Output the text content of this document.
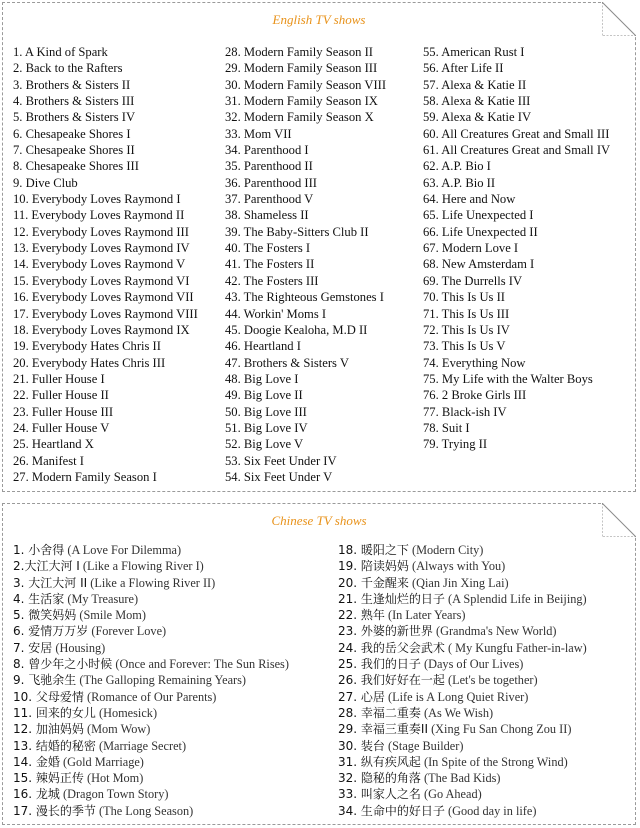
English TV shows
1. A Kind of Spark
2. Back to the Rafters
3. Brothers & Sisters II
4. Brothers & Sisters III
5. Brothers & Sisters IV
6. Chesapeake Shores I
7. Chesapeake Shores II
8. Chesapeake Shores III
9. Dive Club
10. Everybody Loves Raymond I
11. Everybody Loves Raymond II
12. Everybody Loves Raymond III
13. Everybody Loves Raymond IV
14. Everybody Loves Raymond V
15. Everybody Loves Raymond VI
16. Everybody Loves Raymond VII
17. Everybody Loves Raymond VIII
18. Everybody Loves Raymond IX
19. Everybody Hates Chris II
20. Everybody Hates Chris III
21. Fuller House I
22. Fuller House II
23. Fuller House III
24. Fuller House V
25. Heartland X
26. Manifest I
27. Modern Family Season I
28. Modern Family Season II
29. Modern Family Season III
30. Modern Family Season VIII
31. Modern Family Season IX
32. Modern Family Season X
33. Mom VII
34. Parenthood I
35. Parenthood II
36. Parenthood III
37. Parenthood V
38. Shameless II
39. The Baby-Sitters Club II
40. The Fosters I
41. The Fosters II
42. The Fosters III
43. The Righteous Gemstones I
44. Workin' Moms I
45. Doogie Kealoha, M.D II
46. Heartland I
47. Brothers & Sisters V
48. Big Love I
49. Big Love II
50. Big Love III
51. Big Love IV
52. Big Love V
53. Six Feet Under IV
54. Six Feet Under V
55. American Rust I
56. After Life II
57. Alexa & Katie II
58. Alexa & Katie III
59. Alexa & Katie IV
60. All Creatures Great and Small III
61. All Creatures Great and Small IV
62. A.P. Bio I
63. A.P. Bio II
64. Here and Now
65. Life Unexpected I
66. Life Unexpected II
67. Modern Love I
68. New Amsterdam I
69. The Durrells IV
70. This Is Us II
71. This Is Us III
72. This Is Us IV
73. This Is Us V
74. Everything Now
75. My Life with the Walter Boys
76. 2 Broke Girls III
77. Black-ish IV
78. Suit I
79. Trying II
Chinese TV shows
1. 小舍得 (A Love For Dilemma)
2.大江大河 I (Like a Flowing River I)
3. 大江大河 II (Like a Flowing River II)
4. 生活家 (My Treasure)
5. 微笑妈妈 (Smile Mom)
6. 爱情万万岁 (Forever Love)
7. 安居 (Housing)
8. 曾少年之小时候 (Once and Forever: The Sun Rises)
9. 飞驰余生 (The Galloping Remaining Years)
10. 父母爱情 (Romance of Our Parents)
11. 回来的女儿 (Homesick)
12. 加油妈妈 (Mom Wow)
13. 结婚的秘密 (Marriage Secret)
14. 金婚 (Gold Marriage)
15. 辣妈正传 (Hot Mom)
16. 龙城 (Dragon Town Story)
17. 漫长的季节 (The Long Season)
18. 暖阳之下 (Modern City)
19. 陪读妈妈 (Always with You)
20. 千金醒来 (Qian Jin Xing Lai)
21. 生逢灿烂的日子 (A Splendid Life in Beijing)
22. 熟年 (In Later Years)
23. 外婆的新世界 (Grandma's New World)
24. 我的岳父会武术 ( My Kungfu Father-in-law)
25. 我们的日子 (Days of Our Lives)
26. 我们好好在一起 (Let's be together)
27. 心居 (Life is A Long Quiet River)
28. 幸福二重奏 (As We Wish)
29. 幸福三重奏II (Xing Fu San Chong Zou II)
30. 装台 (Stage Builder)
31. 纵有疾风起 (In Spite of the Strong Wind)
32. 隐秘的角落 (The Bad Kids)
33. 叫家人之名 (Go Ahead)
34. 生命中的好日子 (Good day in life)
